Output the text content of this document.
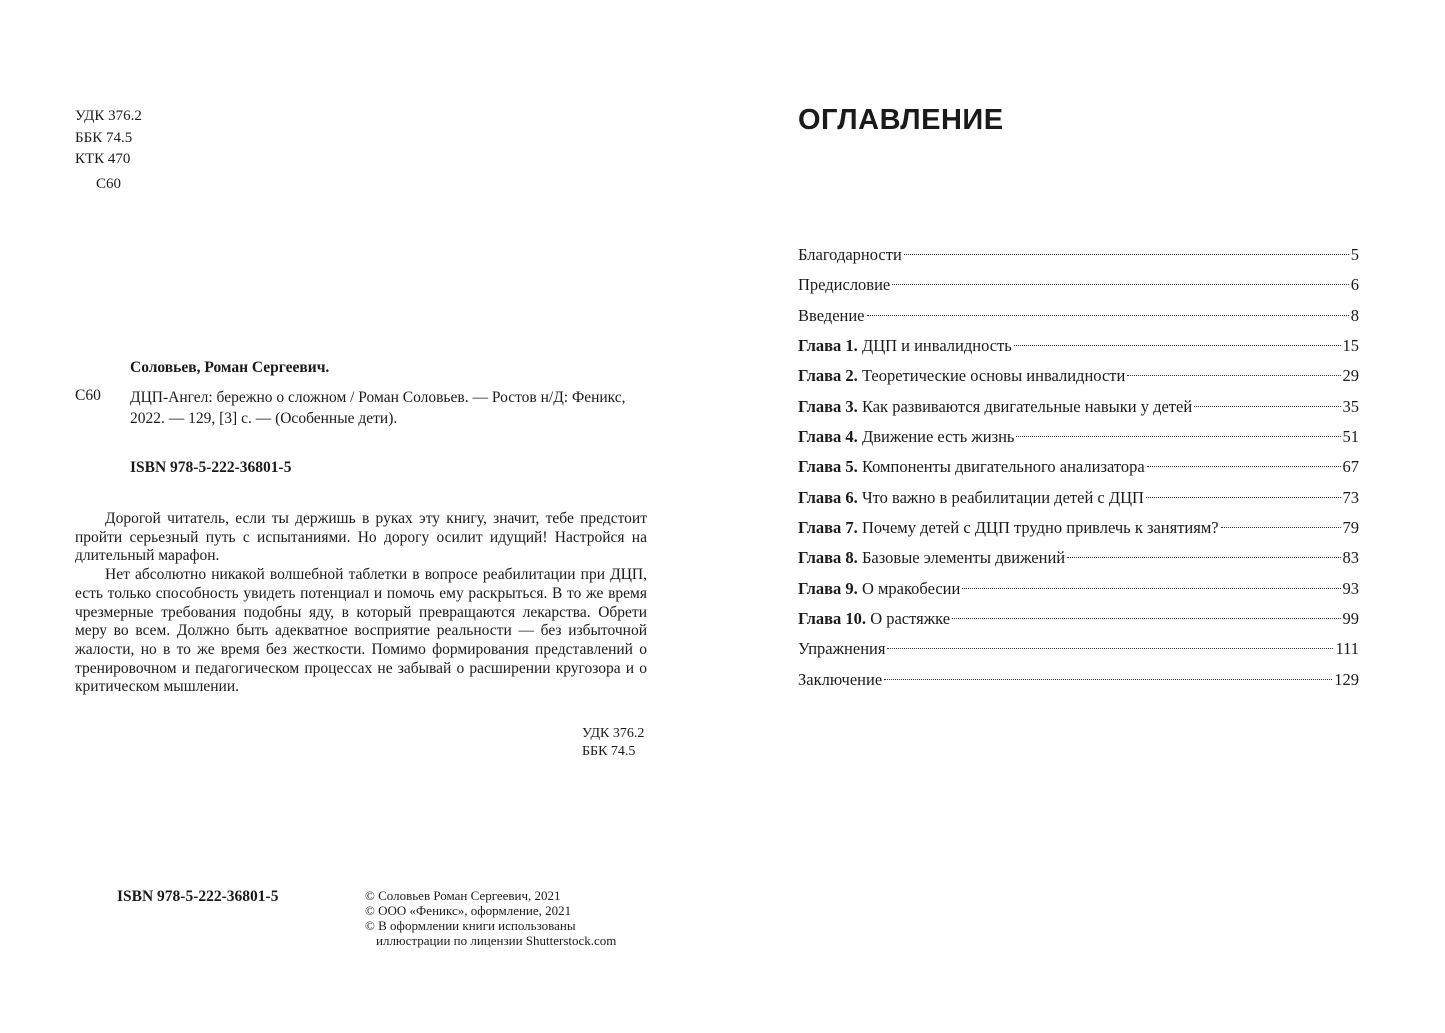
УДК 376.2
ББК 74.5
КТК 470
С60
Соловьев, Роман Сергеевич.
С60 ДЦП-Ангел: бережно о сложном / Роман Соловьев. — Ростов н/Д: Феникс, 2022. — 129, [3] с. — (Особенные дети).
ISBN 978-5-222-36801-5

Дорогой читатель, если ты держишь в руках эту книгу, значит, тебе предстоит пройти серьезный путь с испытаниями. Но дорогу осилит идущий! Настройся на длительный марафон.

Нет абсолютно никакой волшебной таблетки в вопросе реабилитации при ДЦП, есть только способность увидеть потенциал и помочь ему раскрыться. В то же время чрезмерные требования подобны яду, в который превращаются лекарства. Обрети меру во всем. Должно быть адекватное восприятие реальности — без избыточной жалости, но в то же время без жесткости. Помимо формирования представлений о тренировочном и педагогическом процессах не забывай о расширении кругозора и о критическом мышлении.

УДК 376.2
ББК 74.5
ISBN 978-5-222-36801-5	© Соловьев Роман Сергеевич, 2021
© ООО «Феникс», оформление, 2021
© В оформлении книги использованы
иллюстрации по лицензии Shutterstock.com
ОГЛАВЛЕНИЕ
Благодарности	5
Предисловие	6
Введение	8
Глава 1. ДЦП и инвалидность	15
Глава 2. Теоретические основы инвалидности	29
Глава 3. Как развиваются двигательные навыки у детей	35
Глава 4. Движение есть жизнь	51
Глава 5. Компоненты двигательного анализатора	67
Глава 6. Что важно в реабилитации детей с ДЦП	73
Глава 7. Почему детей с ДЦП трудно привлечь к занятиям?	79
Глава 8. Базовые элементы движений	83
Глава 9. О мракобесии	93
Глава 10. О растяжке	99
Упражнения	111
Заключение	129
